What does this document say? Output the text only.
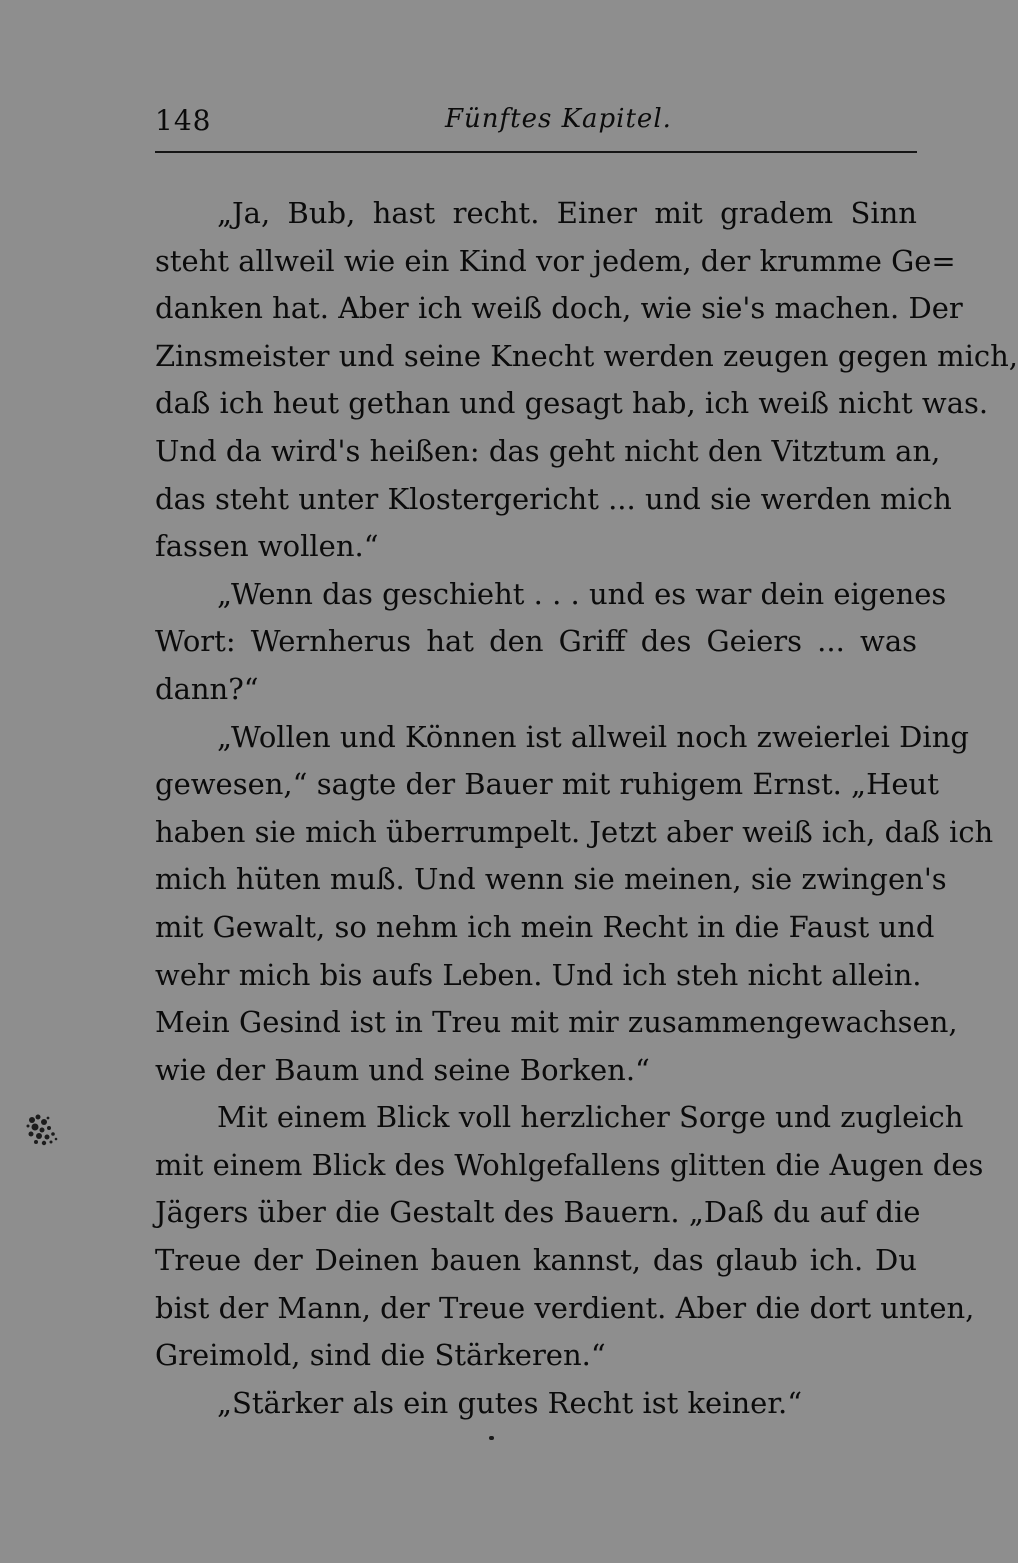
148	Fünftes Kapitel.
„Ja, Bub, hast recht. Einer mit gradem Sinn
steht allweil wie ein Kind vor jedem, der krumme Ge=
danken hat. Aber ich weiß doch, wie sie's machen. Der
Zinsmeister und seine Knecht werden zeugen gegen mich,
daß ich heut gethan und gesagt hab, ich weiß nicht was.
Und da wird's heißen: das geht nicht den Vitztum an,
das steht unter Klostergericht ... und sie werden mich
fassen wollen.“
„Wenn das geschieht . . . und es war dein eigenes
Wort: Wernherus hat den Griff des Geiers ... was
dann?“
„Wollen und Können ist allweil noch zweierlei Ding
gewesen,“ sagte der Bauer mit ruhigem Ernst. „Heut
haben sie mich überrumpelt. Jetzt aber weiß ich, daß ich
mich hüten muß. Und wenn sie meinen, sie zwingen's
mit Gewalt, so nehm ich mein Recht in die Faust und
wehr mich bis aufs Leben. Und ich steh nicht allein.
Mein Gesind ist in Treu mit mir zusammengewachsen,
wie der Baum und seine Borken.“
Mit einem Blick voll herzlicher Sorge und zugleich
mit einem Blick des Wohlgefallens glitten die Augen des
Jägers über die Gestalt des Bauern. „Daß du auf die
Treue der Deinen bauen kannst, das glaub ich. Du
bist der Mann, der Treue verdient. Aber die dort unten,
Greimold, sind die Stärkeren.“
„Stärker als ein gutes Recht ist keiner.“
